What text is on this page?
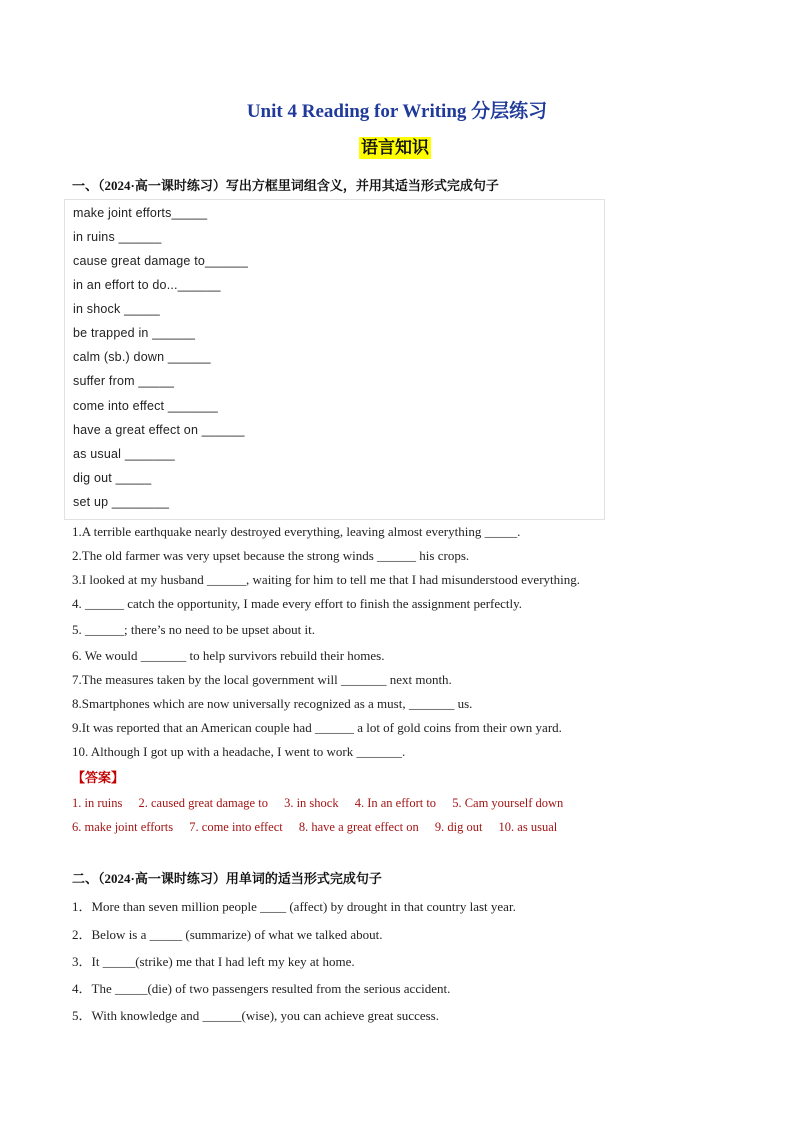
Unit 4 Reading for Writing 分层练习
语言知识
一、（2024·高一课时练习）写出方框里词组含义，并用其适当形式完成句子
make joint efforts_____
in ruins ______
cause great damage to______
in an effort to do...______
in shock _____
be trapped in ______
calm (sb.) down ______
suffer from _____
come into effect _______
have a great effect on ______
as usual _______
dig out _____
set up ________
1.A terrible earthquake nearly destroyed everything, leaving almost everything _____.
2.The old farmer was very upset because the strong winds ______ his crops.
3.I looked at my husband ______, waiting for him to tell me that I had misunderstood everything.
4. ______ catch the opportunity, I made every effort to finish the assignment perfectly.
5. ______; there’s no need to be upset about it.
6. We would _______ to help survivors rebuild their homes.
7.The measures taken by the local government will _______ next month.
8.Smartphones which are now universally recognized as a must, _______ us.
9.It was reported that an American couple had ______ a lot of gold coins from their own yard.
10. Although I got up with a headache, I went to work _______.
【答案】
1. in ruins 2. caused great damage to 3. in shock 4. In an effort to 5. Cam yourself down
6. make joint efforts 7. come into effect 8. have a great effect on 9. dig out 10. as usual
二、（2024·高一课时练习）用单词的适当形式完成句子
1．More than seven million people ____ (affect) by drought in that country last year.
2．Below is a _____ (summarize) of what we talked about.
3．It _____(strike) me that I had left my key at home.
4．The _____(die) of two passengers resulted from the serious accident.
5．With knowledge and ______(wise), you can achieve great success.
